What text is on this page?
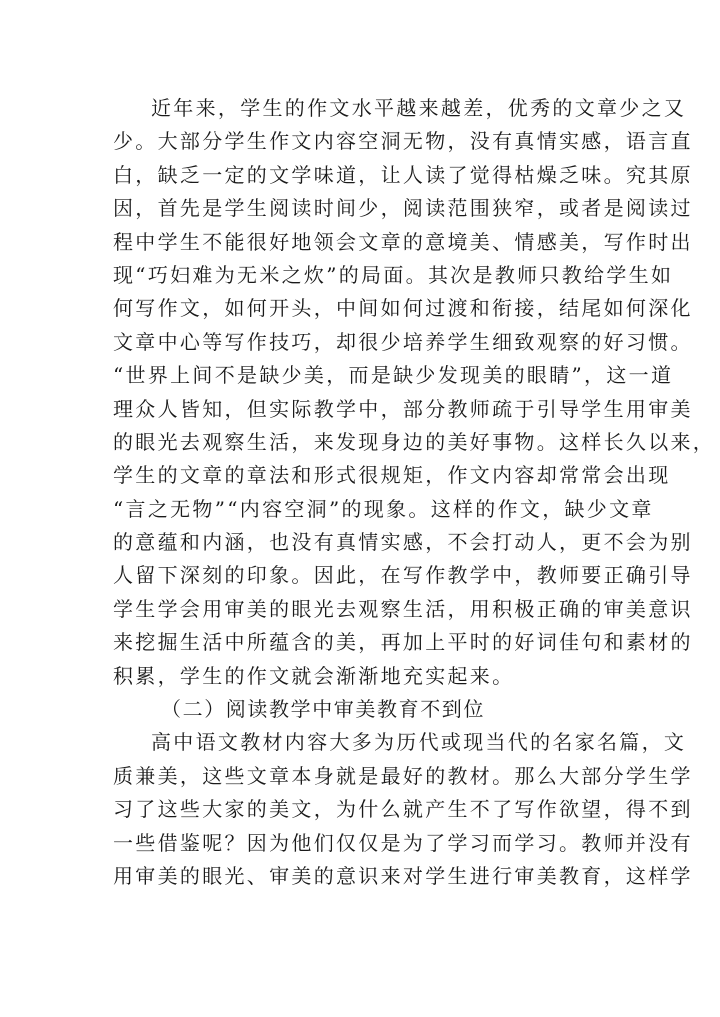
近年来，学生的作文水平越来越差，优秀的文章少之又
少。大部分学生作文内容空洞无物，没有真情实感，语言直
白，缺乏一定的文学味道，让人读了觉得枯燥乏味。究其原
因，首先是学生阅读时间少，阅读范围狭窄，或者是阅读过
程中学生不能很好地领会文章的意境美、情感美，写作时出
现“巧妇难为无米之炊”的局面。其次是教师只教给学生如
何写作文，如何开头，中间如何过渡和衔接，结尾如何深化
文章中心等写作技巧，却很少培养学生细致观察的好习惯。
“世界上间不是缺少美，而是缺少发现美的眼睛”，这一道
理众人皆知，但实际教学中，部分教师疏于引导学生用审美
的眼光去观察生活，来发现身边的美好事物。这样长久以来，
学生的文章的章法和形式很规矩，作文内容却常常会出现
“言之无物”“内容空洞”的现象。这样的作文，缺少文章
的意蕴和内涵，也没有真情实感，不会打动人，更不会为别
人留下深刻的印象。因此，在写作教学中，教师要正确引导
学生学会用审美的眼光去观察生活，用积极正确的审美意识
来挖掘生活中所蕴含的美，再加上平时的好词佳句和素材的
积累，学生的作文就会渐渐地充实起来。
（二）阅读教学中审美教育不到位
高中语文教材内容大多为历代或现当代的名家名篇，文
质兼美，这些文章本身就是最好的教材。那么大部分学生学
习了这些大家的美文，为什么就产生不了写作欲望，得不到
一些借鉴呢？因为他们仅仅是为了学习而学习。教师并没有
用审美的眼光、审美的意识来对学生进行审美教育，这样学
